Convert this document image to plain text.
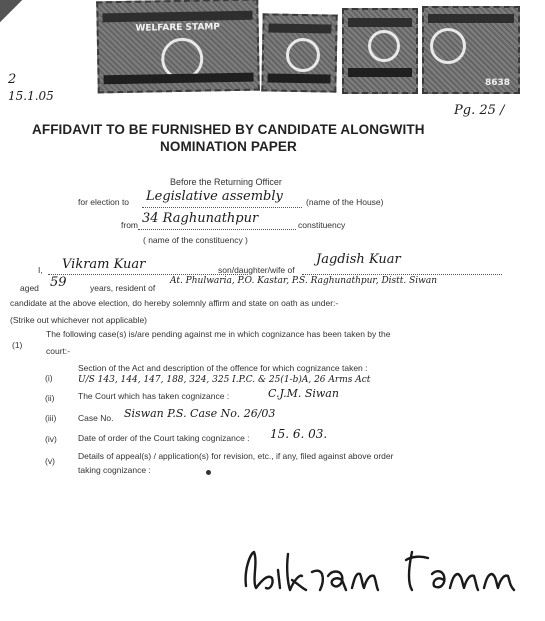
WELFARE STAMP
8638
2
15.1.05
Pg. 25 /
AFFIDAVIT TO BE FURNISHED BY CANDIDATE ALONGWITH
NOMINATION PAPER
Before the Returning Officer
for election to Legislative assembly	(name of the House)
from 34 Raghunathpur	constituency
( name of the constituency )
I, Vikram Kuar	son/daughter/wife of
Jagdish Kuar
aged 59	years, resident of
At. Phulwaria, P.O. Kastar, P.S. Raghunathpur, Distt. Siwan
candidate at the above election, do hereby solemnly affirm and state on oath as under:-
(Strike out whichever not applicable)
(1)
The following case(s) is/are pending against me in which cognizance has been taken by the
court:-
(i)
Section of the Act and description of the offence for which cognizance taken :
U/S 143, 144, 147, 188, 324, 325 I.P.C. & 25(1-b)A, 26 Arms Act
(ii)	The Court which has taken cognizance :	C.J.M. Siwan
(iii)	Case No. Siswan P.S. Case No. 26/03
(iv) Date of order of the Court taking cognizance : 15. 6. 03.
(v)	Details of appeal(s) / application(s) for revision, etc., if any, filed against above order
taking cognizance :
